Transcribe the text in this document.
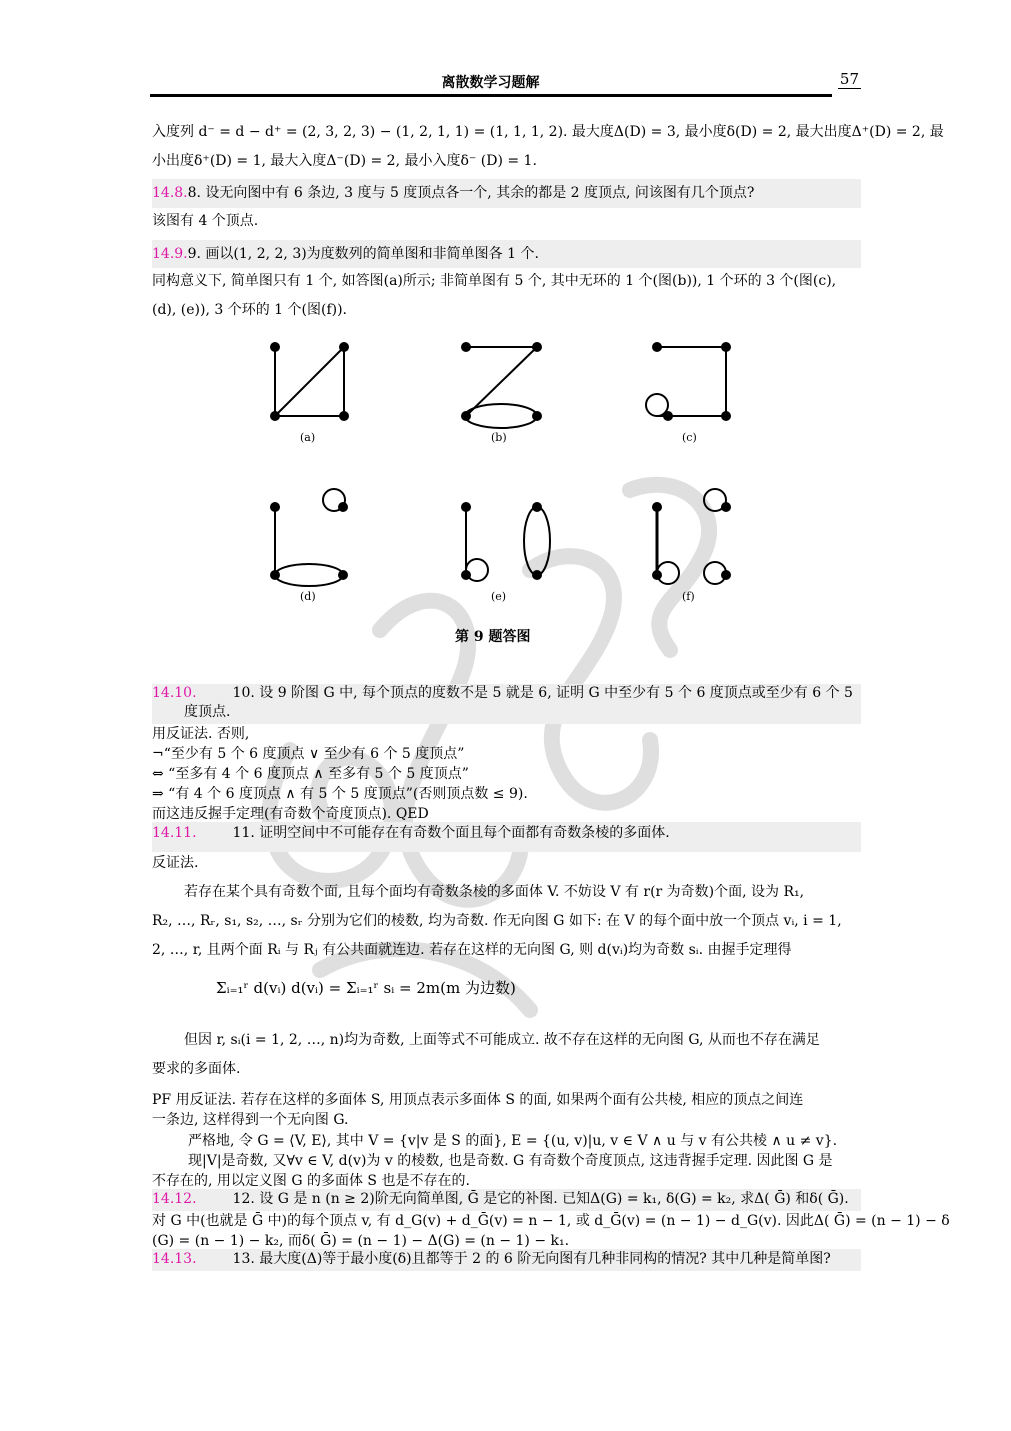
离散数学习题解	57
入度列 d⁻ = d − d⁺ = (2, 3, 2, 3) − (1, 2, 1, 1) = (1, 1, 1, 2). 最大度Δ(D) = 3, 最小度δ(D) = 2, 最大出度Δ⁺(D) = 2, 最
小出度δ⁺(D) = 1, 最大入度Δ⁻(D) = 2, 最小入度δ⁻ (D) = 1.
14.8.8. 设无向图中有 6 条边, 3 度与 5 度顶点各一个, 其余的都是 2 度顶点, 问该图有几个顶点?
该图有 4 个顶点.
14.9.9. 画以(1, 2, 2, 3)为度数列的简单图和非简单图各 1 个.
同构意义下, 简单图只有 1 个, 如答图(a)所示; 非简单图有 5 个, 其中无环的 1 个(图(b)), 1 个环的 3 个(图(c),
(d), (e)), 3 个环的 1 个(图(f)).
14.10.	10. 设 9 阶图 G 中, 每个顶点的度数不是 5 就是 6, 证明 G 中至少有 5 个 6 度顶点或至少有 6 个 5
度顶点.
用反证法. 否则,
¬“至少有 5 个 6 度顶点 ∨ 至少有 6 个 5 度顶点”
⇔ “至多有 4 个 6 度顶点 ∧ 至多有 5 个 5 度顶点”
⇒ “有 4 个 6 度顶点 ∧ 有 5 个 5 度顶点”(否则顶点数 ≤ 9).
而这违反握手定理(有奇数个奇度顶点). QED
14.11.	11. 证明空间中不可能存在有奇数个面且每个面都有奇数条棱的多面体.
反证法.
若存在某个具有奇数个面, 且每个面均有奇数条棱的多面体 V. 不妨设 V 有 r(r 为奇数)个面, 设为 R₁,
R₂, …, Rᵣ, s₁, s₂, …, sᵣ 分别为它们的棱数, 均为奇数. 作无向图 G 如下: 在 V 的每个面中放一个顶点 vᵢ, i = 1,
2, …, r, 且两个面 Rᵢ 与 Rⱼ 有公共面就连边. 若存在这样的无向图 G, 则 d(vᵢ)均为奇数 sᵢ. 由握手定理得
但因 r, sᵢ(i = 1, 2, …, n)均为奇数, 上面等式不可能成立. 故不存在这样的无向图 G, 从而也不存在满足
要求的多面体.
PF 用反证法. 若存在这样的多面体 S, 用顶点表示多面体 S 的面, 如果两个面有公共棱, 相应的顶点之间连
一条边, 这样得到一个无向图 G.
严格地, 令 G = ⟨V, E⟩, 其中 V = {v|v 是 S 的面}, E = {(u, v)|u, v ∈ V ∧ u 与 v 有公共棱 ∧ u ≠ v}.
现|V|是奇数, 又∀v ∈ V, d(v)为 v 的棱数, 也是奇数. G 有奇数个奇度顶点, 这违背握手定理. 因此图 G 是
不存在的, 用以定义图 G 的多面体 S 也是不存在的.
14.12.	12. 设 G 是 n (n ≥ 2)阶无向简单图, Ḡ 是它的补图. 已知Δ(G) = k₁, δ(G) = k₂, 求Δ( Ḡ) 和δ( Ḡ).
对 G 中(也就是 Ḡ 中)的每个顶点 v, 有 d_G(v) + d_Ḡ(v) = n − 1, 或 d_Ḡ(v) = (n − 1) − d_G(v). 因此Δ( Ḡ) = (n − 1) − δ
(G) = (n − 1) − k₂, 而δ( Ḡ) = (n − 1) − Δ(G) = (n − 1) − k₁.
14.13.	13. 最大度(Δ)等于最小度(δ)且都等于 2 的 6 阶无向图有几种非同构的情况? 其中几种是简单图?
Σᵢ₌₁ʳ d(vᵢ) d(vᵢ) = Σᵢ₌₁ʳ sᵢ = 2m(m 为边数)
(a)	(b)	(c)
(d)	(e)	(f)
第 9 题答图
